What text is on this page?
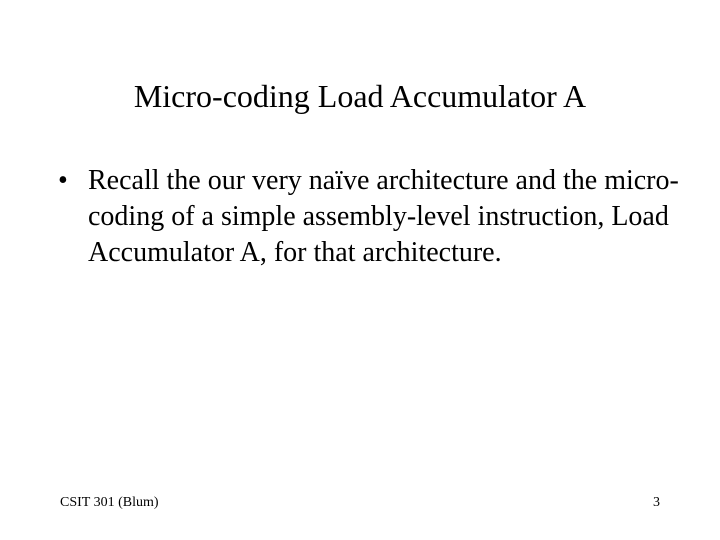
Micro-coding Load Accumulator A
• Recall the our very naïve architecture and the micro-coding of a simple assembly-level instruction, Load Accumulator A, for that architecture.
CSIT 301 (Blum)	3
